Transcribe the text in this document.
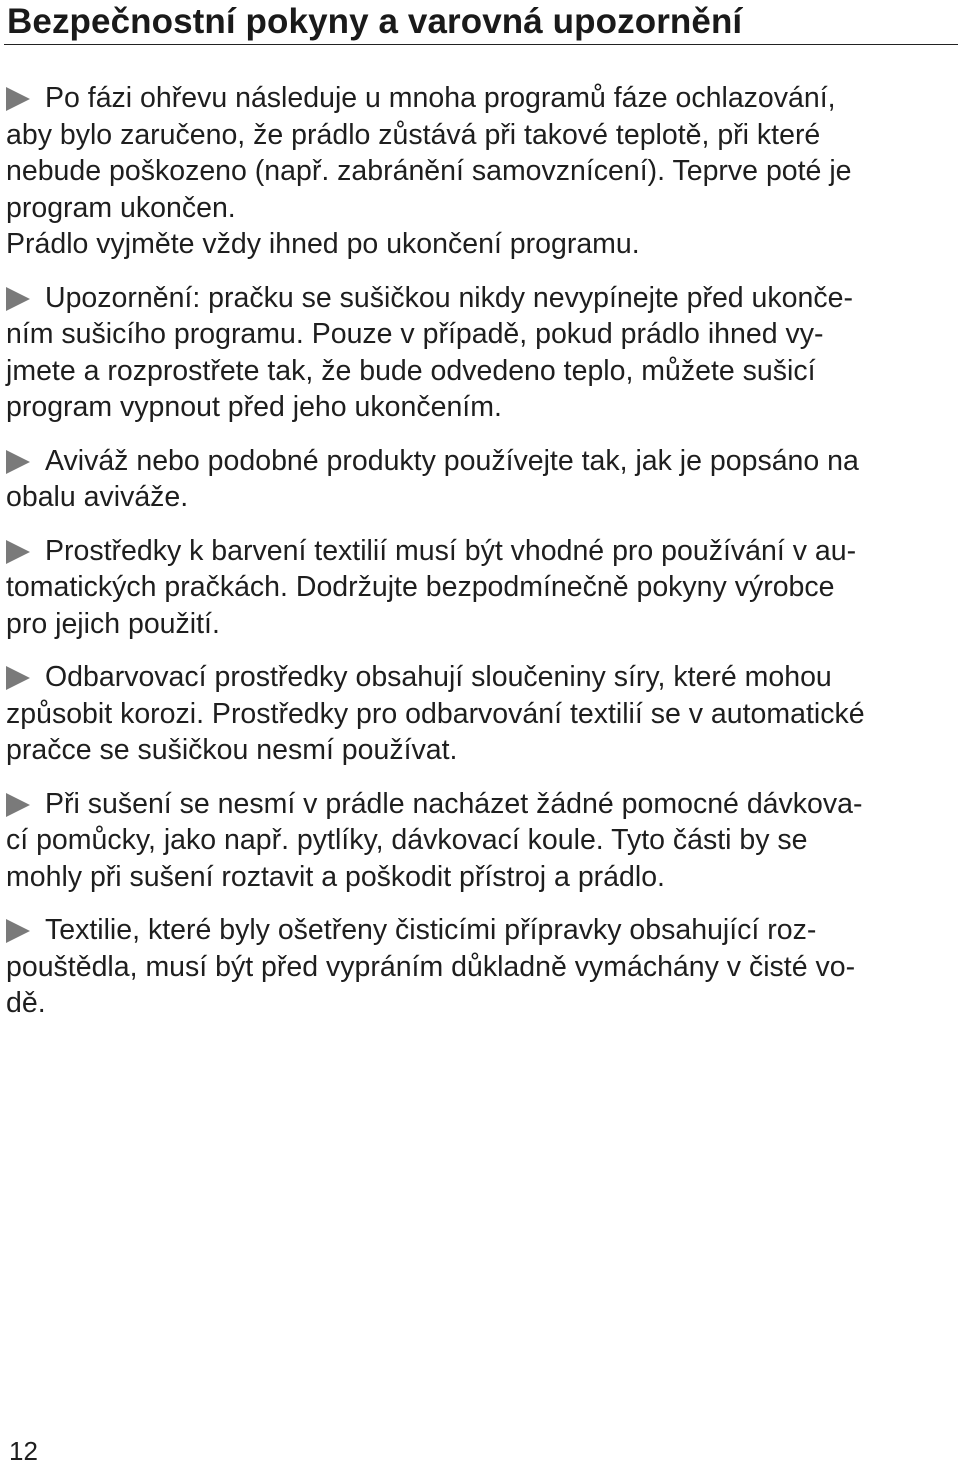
Bezpečnostní pokyny a varovná upozornění

Po fázi ohřevu následuje u mnoha programů fáze ochlazování,
aby bylo zaručeno, že prádlo zůstává při takové teplotě, při které
nebude poškozeno (např. zabránění samovznícení). Teprve poté je
program ukončen.

Prádlo vyjměte vždy ihned po ukončení programu.

Upozornění: pračku se sušičkou nikdy nevypínejte před ukonče-
ním sušicího programu. Pouze v případě, pokud prádlo ihned vy-
jmete a rozprostřete tak, že bude odvedeno teplo, můžete sušicí
program vypnout před jeho ukončením.

Aviváž nebo podobné produkty používejte tak, jak je popsáno na
obalu aviváže.

Prostředky k barvení textilií musí být vhodné pro používání v au-
tomatických pračkách. Dodržujte bezpodmínečně pokyny výrobce
pro jejich použití.

Odbarvovací prostředky obsahují sloučeniny síry, které mohou
způsobit korozi. Prostředky pro odbarvování textilií se v automatické
pračce se sušičkou nesmí používat.

Při sušení se nesmí v prádle nacházet žádné pomocné dávkova-
cí pomůcky, jako např. pytlíky, dávkovací koule. Tyto části by se
mohly při sušení roztavit a poškodit přístroj a prádlo.

Textilie, které byly ošetřeny čisticími přípravky obsahující roz-
pouštědla, musí být před vypráním důkladně vymáchány v čisté vo-
dě.

12
